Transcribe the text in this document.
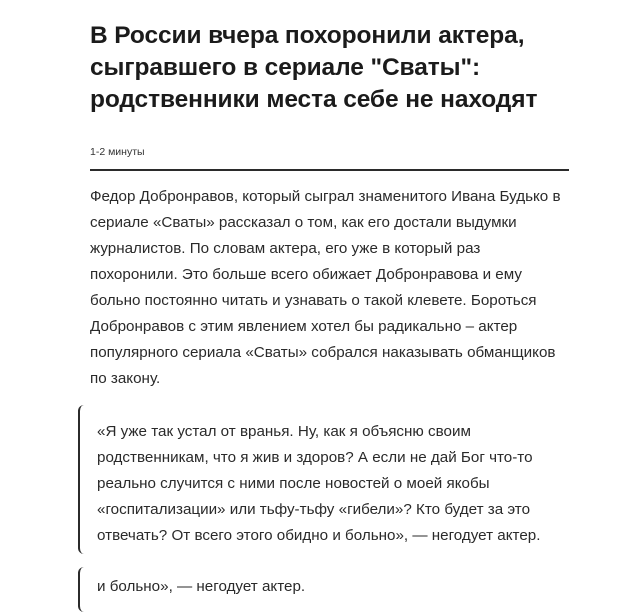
В России вчера похоронили актера, сыгравшего в сериале "Сваты": родственники места себе не находят
1-2 минуты

Федор Добронравов, который сыграл знаменитого Ивана Будько в сериале «Сваты» рассказал о том, как его достали выдумки журналистов. По словам актера, его уже в который раз похоронили. Это больше всего обижает Добронравова и ему больно постоянно читать и узнавать о такой клевете. Бороться Добронравов с этим явлением хотел бы радикально – актер популярного сериала «Сваты» собрался наказывать обманщиков по закону.

«Я уже так устал от вранья. Ну, как я объясню своим родственникам, что я жив и здоров? А если не дай Бог что-то реально случится с ними после новостей о моей якобы «госпитализации» или тьфу-тьфу «гибели»? Кто будет за это отвечать? От всего этого обидно и больно», — негодует актер.

и больно», — негодует актер.
